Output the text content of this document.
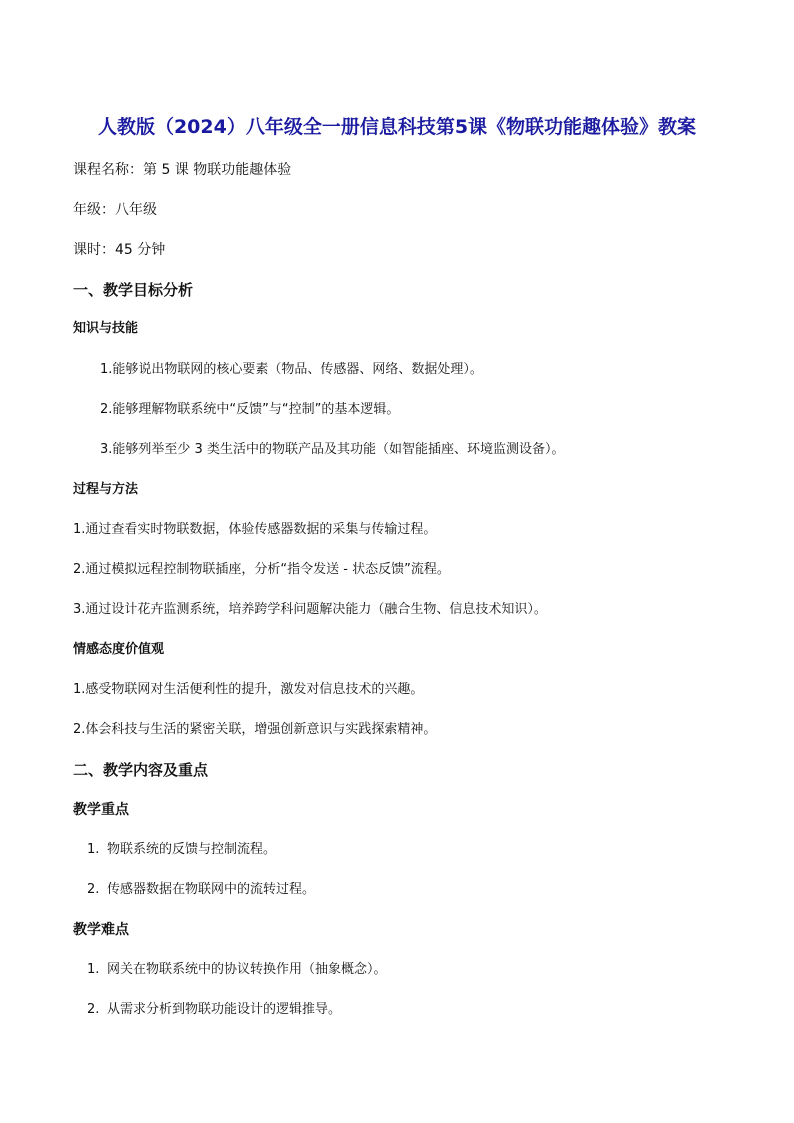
人教版（2024）八年级全一册信息科技第5课《物联功能趣体验》教案
课程名称：第 5 课 物联功能趣体验
年级：八年级
课时：45 分钟
一、教学目标分析
知识与技能
1.能够说出物联网的核心要素（物品、传感器、网络、数据处理）。
2.能够理解物联系统中“反馈”与“控制”的基本逻辑。
3.能够列举至少 3 类生活中的物联产品及其功能（如智能插座、环境监测设备）。
过程与方法
1.通过查看实时物联数据，体验传感器数据的采集与传输过程。
2.通过模拟远程控制物联插座，分析“指令发送 - 状态反馈”流程。
3.通过设计花卉监测系统，培养跨学科问题解决能力（融合生物、信息技术知识）。
情感态度价值观
1.感受物联网对生活便利性的提升，激发对信息技术的兴趣。
2.体会科技与生活的紧密关联，增强创新意识与实践探索精神。
二、教学内容及重点
教学重点
1. 物联系统的反馈与控制流程。
2. 传感器数据在物联网中的流转过程。
教学难点
1. 网关在物联系统中的协议转换作用（抽象概念）。
2. 从需求分析到物联功能设计的逻辑推导。
